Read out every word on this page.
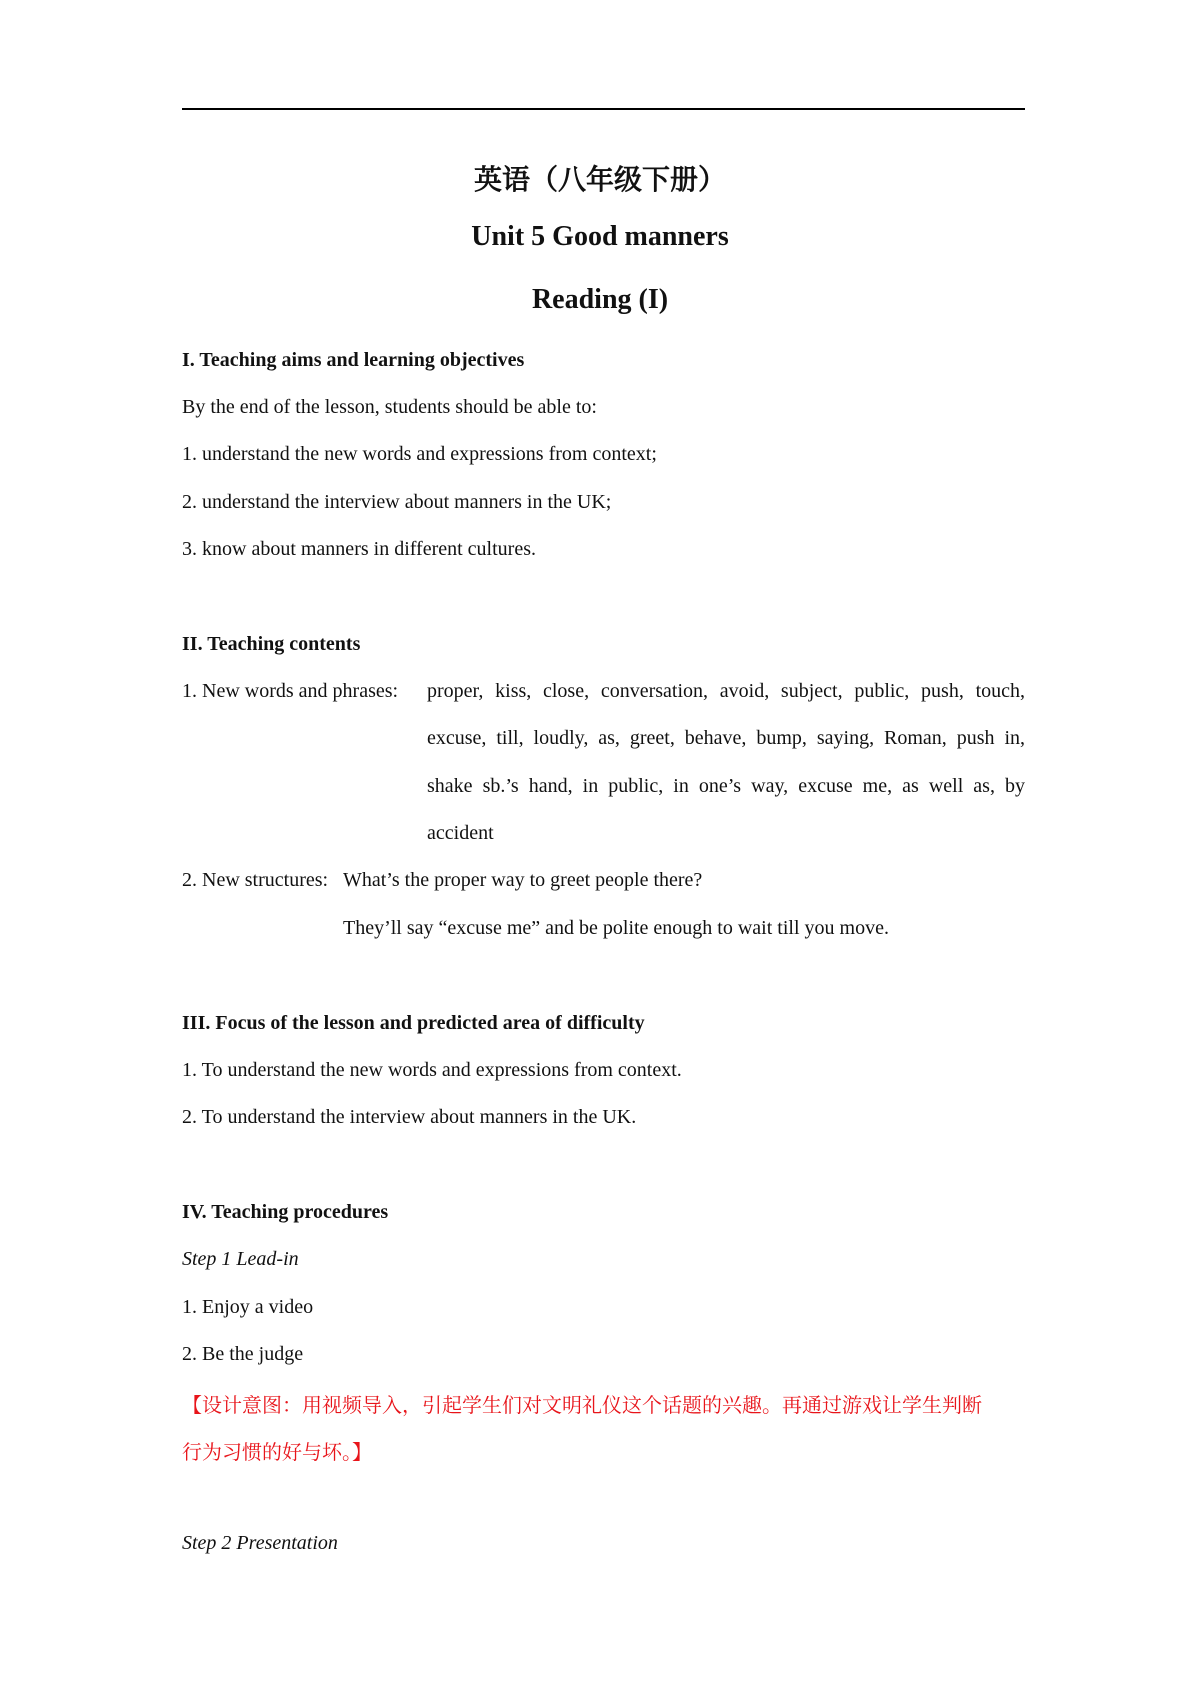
英语（八年级下册）
Unit 5 Good manners
Reading (I)
I. Teaching aims and learning objectives
By the end of the lesson, students should be able to:
1. understand the new words and expressions from context;
2. understand the interview about manners in the UK;
3. know about manners in different cultures.
II. Teaching contents
1. New words and phrases: proper, kiss, close, conversation, avoid, subject, public, push, touch,
excuse, till, loudly, as, greet, behave, bump, saying, Roman, push in,
shake sb.’s hand, in public, in one’s way, excuse me, as well as, by
accident
2. New structures: What’s the proper way to greet people there?
They’ll say “excuse me” and be polite enough to wait till you move.
III. Focus of the lesson and predicted area of difficulty
1. To understand the new words and expressions from context.
2. To understand the interview about manners in the UK.
IV. Teaching procedures
Step 1 Lead-in
1. Enjoy a video
2. Be the judge
【设计意图：用视频导入，引起学生们对文明礼仪这个话题的兴趣。再通过游戏让学生判断
行为习惯的好与坏。】
Step 2 Presentation
